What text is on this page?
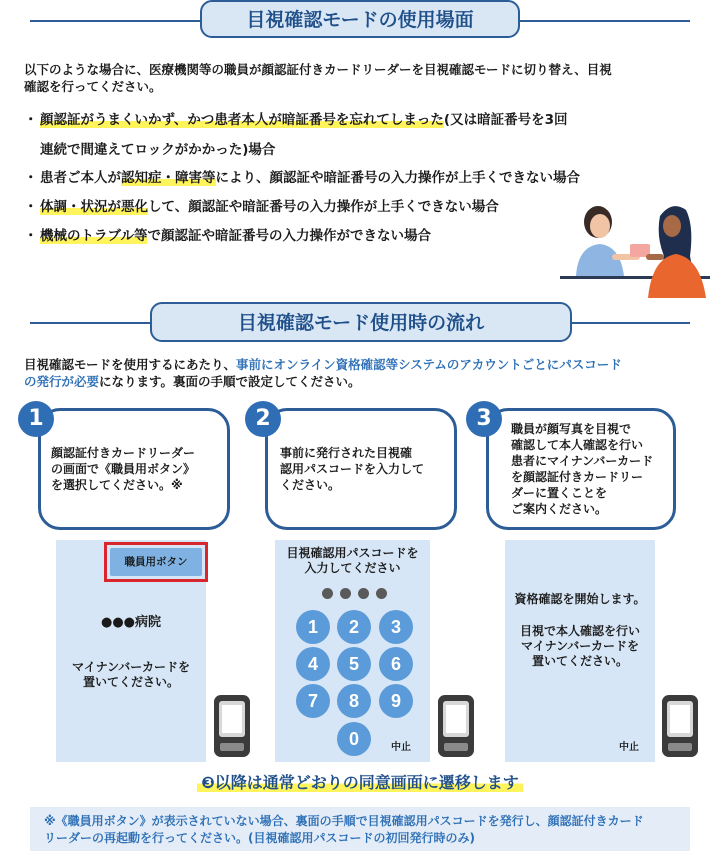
目視確認モードの使用場面
以下のような場合に、医療機関等の職員が顔認証付きカードリーダーを目視確認モードに切り替え、目視
確認を行ってください。
・ 顔認証がうまくいかず、かつ患者本人が暗証番号を忘れてしまった(又は暗証番号を3回
連続で間違えてロックがかかった)場合
・ 患者ご本人が認知症・障害等により、顔認証や暗証番号の入力操作が上手くできない場合
・ 体調・状況が悪化して、顔認証や暗証番号の入力操作が上手くできない場合
・ 機械のトラブル等で顔認証や暗証番号の入力操作ができない場合
目視確認モード使用時の流れ
目視確認モードを使用するにあたり、事前にオンライン資格確認等システムのアカウントごとにパスコード
の発行が必要になります。裏面の手順で設定してください。
顔認証付きカードリーダー
の画面で《職員用ボタン》
を選択してください。※
1
事前に発行された目視確
認用パスコードを入力して
ください。
2	職員が顔写真を目視で
確認して本人確認を行い
患者にマイナンバーカード
を顔認証付きカードリー
ダーに置くことを
ご案内ください。
3
職員用ボタン
●●●病院
マイナンバーカードを
置いてください。
目視確認用パスコードを
入力してください
1	2	3
4	5	6
7	8	9
0	中止
資格確認を開始します。
目視で本人確認を行い
マイナンバーカードを
置いてください。
中止
❸以降は通常どおりの同意画面に遷移します
※《職員用ボタン》が表示されていない場合、裏面の手順で目視確認用パスコードを発行し、顔認証付きカード
リーダーの再起動を行ってください。(目視確認用パスコードの初回発行時のみ)
